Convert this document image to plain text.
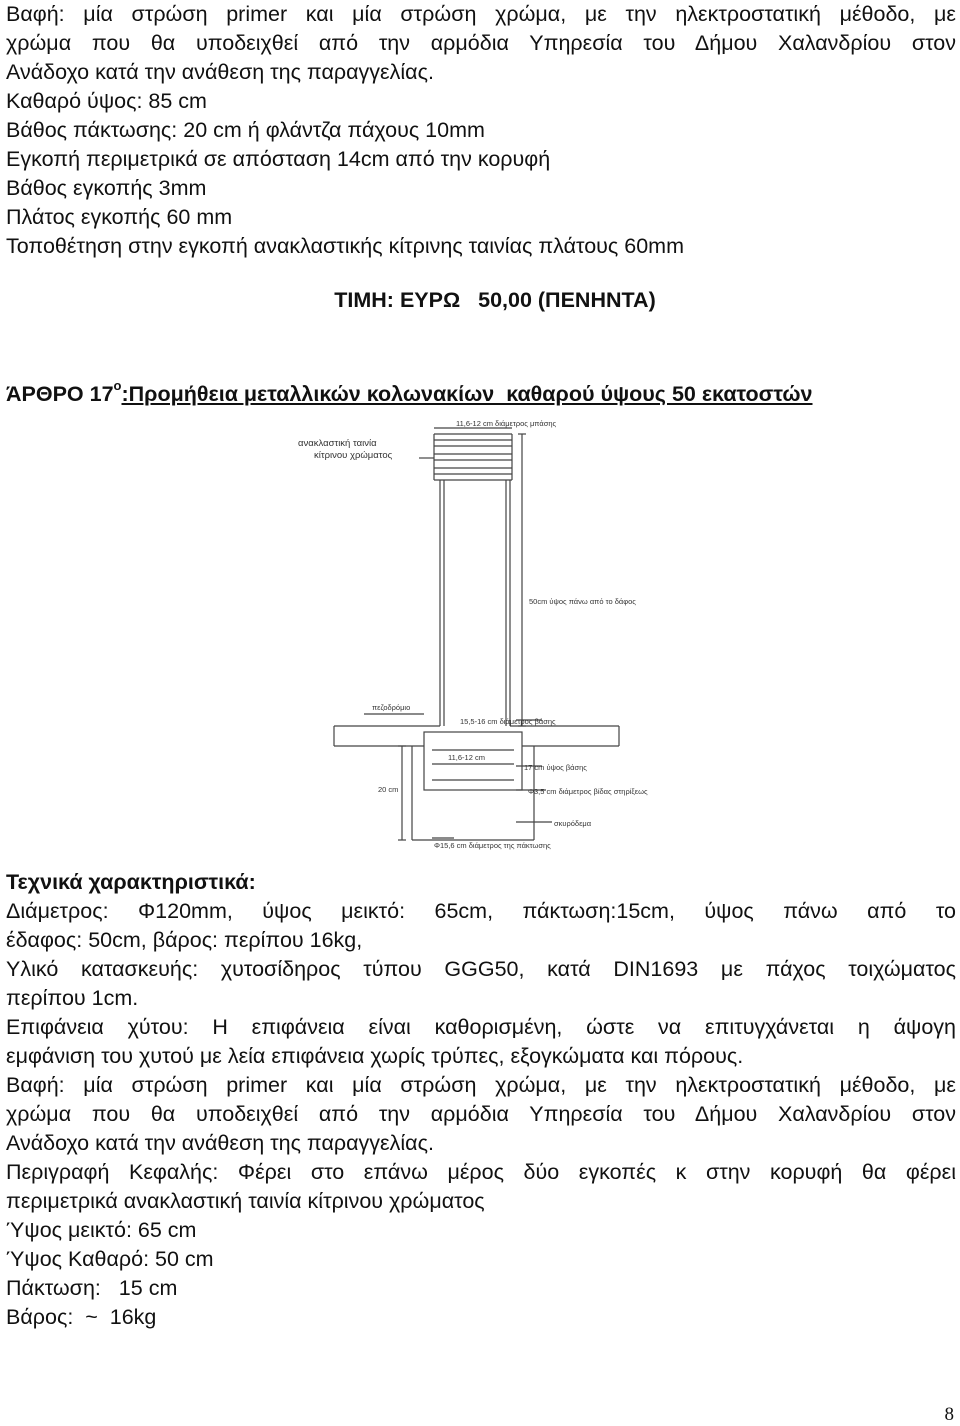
Βαφή: μία στρώση primer και μία στρώση χρώμα, με την ηλεκτροστατική μέθοδο, με
χρώμα που θα υποδειχθεί από την αρμόδια Υπηρεσία του Δήμου Χαλανδρίου στον
Ανάδοχο κατά την ανάθεση της παραγγελίας.
Καθαρό ύψος: 85 cm
Βάθος πάκτωσης: 20 cm ή φλάντζα πάχους 10mm
Εγκοπή περιμετρικά σε απόσταση 14cm από την κορυφή
Βάθος εγκοπής 3mm
Πλάτος εγκοπής 60 mm
Τοποθέτηση στην εγκοπή ανακλαστικής κίτρινης ταινίας πλάτους 60mm
ΤΙΜΗ: ΕΥΡΩ   50,00 (ΠΕΝΗΝΤΑ)
ΆΡΘΡΟ $17^o:\Pi\rho o\mu ή\theta\varepsilon\iota\alpha$ μεταλλικών κολωνακίων  καθαρού ύψους 50 εκατοστών
ανακλαστική ταινία
κίτρινου χρώματος
11,6-12 cm διάμετρος μπάσης
50cm ύψος πάνω από το δάφος
πεζοδρόμιο
15,5-16 cm διάμετρος βάσης
11,6-12 cm
17 cm ύψος βάσης
20 cm	Φ3,5 cm διάμετρος βίδας στηρίξεως
σκυρόδεμα
Φ15,6 cm διάμετρος της πάκτωσης
Τεχνικά χαρακτηριστικά:
Διάμετρος: Φ120mm, ύψος μεικτό: 65cm, πάκτωση:15cm, ύψος πάνω από το
έδαφος: 50cm, βάρος: περίπου 16kg,
Υλικό κατασκευής: χυτοσίδηρος τύπου GGG50, κατά DIN1693 με πάχος τοιχώματος
περίπου 1cm.
Επιφάνεια χύτου: Η επιφάνεια είναι καθορισμένη, ώστε να επιτυγχάνεται η άψογη
εμφάνιση του χυτού με λεία επιφάνεια χωρίς τρύπες, εξογκώματα και πόρους.
Βαφή: μία στρώση primer και μία στρώση χρώμα, με την ηλεκτροστατική μέθοδο, με
χρώμα που θα υποδειχθεί από την αρμόδια Υπηρεσία του Δήμου Χαλανδρίου στον
Ανάδοχο κατά την ανάθεση της παραγγελίας.
Περιγραφή Κεφαλής: Φέρει στο επάνω μέρος δύο εγκοπές κ στην κορυφή θα φέρει
περιμετρικά ανακλαστική ταινία κίτρινου χρώματος
Ύψος μεικτό: 65 cm
Ύψος Καθαρό: 50 cm
Πάκτωση:   15 cm
Βάρος:  ~  16kg
8
